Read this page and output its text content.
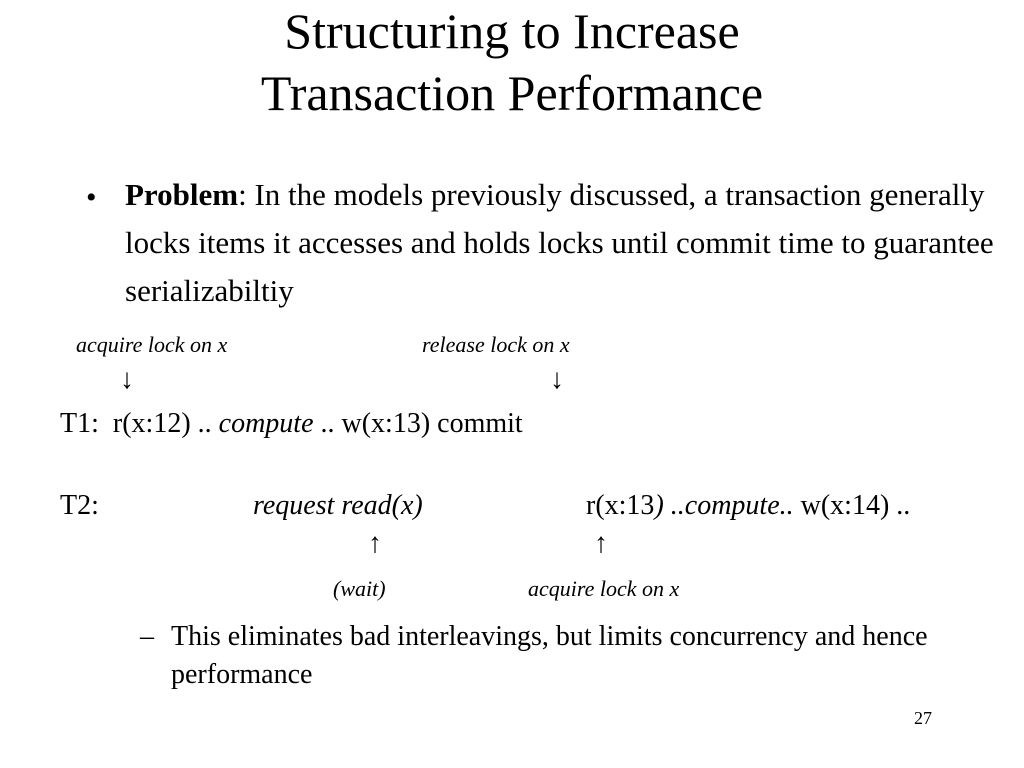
Structuring to Increase
Transaction Performance
• Problem: In the models previously discussed, a transaction generally locks items it accesses and holds locks until commit time to guarantee serializabiltiy
acquire lock on x	release lock on x
↓	↓
T1: r(x:12) .. compute .. w(x:13) commit
T2:	request read(x)	r(x:13) ..compute.. w(x:14) ..
↑	↑
(wait)	acquire lock on x
– This eliminates bad interleavings, but limits concurrency and hence performance
27
